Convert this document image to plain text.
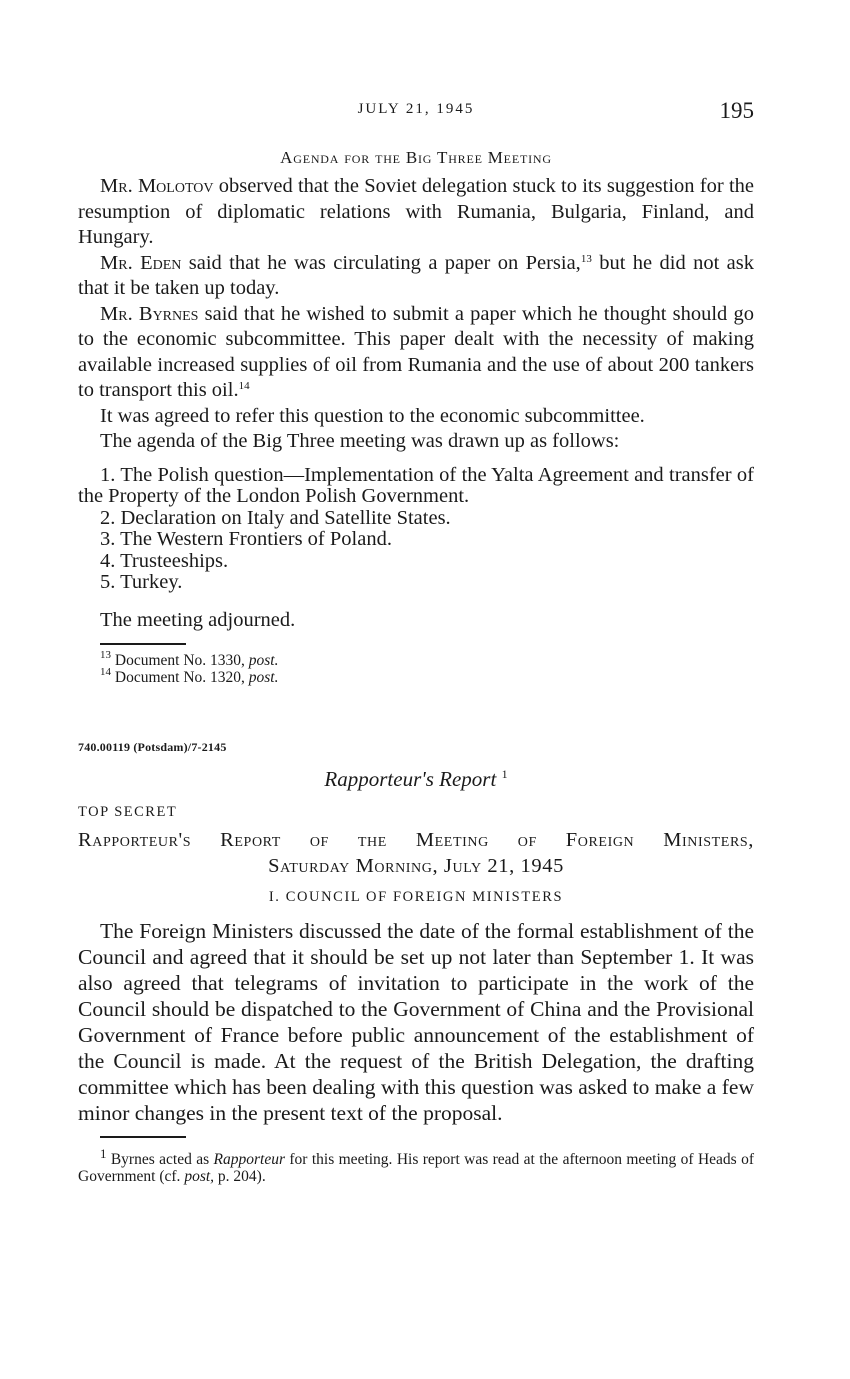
JULY 21, 1945	195
Agenda for the Big Three Meeting

Mr. Molotov observed that the Soviet delegation stuck to its suggestion for the resumption of diplomatic relations with Rumania, Bulgaria, Finland, and Hungary.

Mr. Eden said that he was circulating a paper on Persia,$^{13}$ but he did not ask that it be taken up today.

Mr. Byrnes said that he wished to submit a paper which he thought should go to the economic subcommittee. This paper dealt with the necessity of making available increased supplies of oil from Rumania and the use of about 200 tankers to transport this oil.$^{14}$

It was agreed to refer this question to the economic subcommittee.

The agenda of the Big Three meeting was drawn up as follows:

1. The Polish question—Implementation of the Yalta Agreement and transfer of the Property of the London Polish Government.

2. Declaration on Italy and Satellite States.

3. The Western Frontiers of Poland.

4. Trusteeships.

5. Turkey.

The meeting adjourned.

$^{13}$ Document No. 1330, post.

$^{14}$ Document No. 1320, post.

740.00119 (Potsdam)/7-2145
Rapporteur's Report $^1$
TOP SECRET

Rapporteur's Report of the Meeting of Foreign Ministers,

Saturday Morning, July 21, 1945

I. COUNCIL OF FOREIGN MINISTERS

The Foreign Ministers discussed the date of the formal establishment of the Council and agreed that it should be set up not later than September 1. It was also agreed that telegrams of invitation to participate in the work of the Council should be dispatched to the Government of China and the Provisional Government of France before public announcement of the establishment of the Council is made. At the request of the British Delegation, the drafting committee which has been dealing with this question was asked to make a few minor changes in the present text of the proposal.

$^1$ Byrnes acted as Rapporteur for this meeting. His report was read at the afternoon meeting of Heads of Government (cf. post, p. 204).
